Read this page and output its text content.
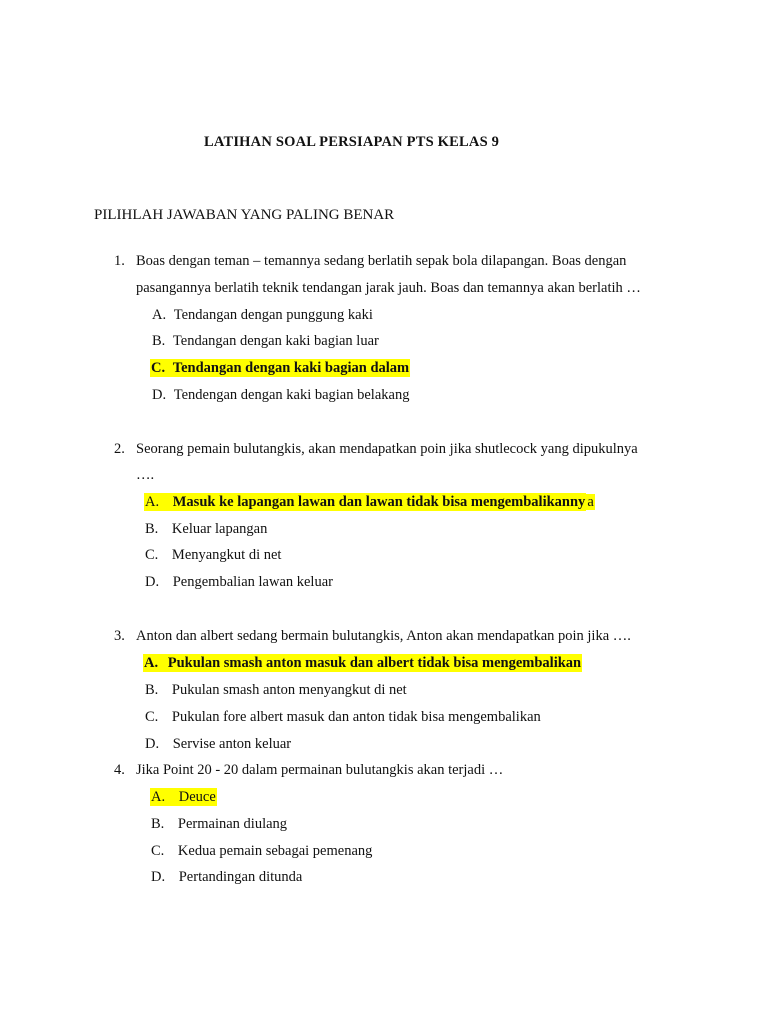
LATIHAN SOAL PERSIAPAN PTS KELAS 9
PILIHLAH JAWABAN YANG PALING BENAR
1. Boas dengan teman – temannya sedang berlatih sepak bola dilapangan. Boas dengan
pasangannya berlatih teknik tendangan jarak jauh. Boas dan temannya akan berlatih …
A. Tendangan dengan punggung kaki
B. Tendangan dengan kaki bagian luar
C. Tendangan dengan kaki bagian dalam
D. Tendengan dengan kaki bagian belakang
2. Seorang pemain bulutangkis, akan mendapatkan poin jika shutlecock yang dipukulnya
….
A. Masuk ke lapangan lawan dan lawan tidak bisa mengembalikanny a
B. Keluar lapangan
C. Menyangkut di net
D. Pengembalian lawan keluar
3. Anton dan albert sedang bermain bulutangkis, Anton akan mendapatkan poin jika ….
A. Pukulan smash anton masuk dan albert tidak bisa mengembalikan
B. Pukulan smash anton menyangkut di net
C. Pukulan fore albert masuk dan anton tidak bisa mengembalikan
D. Servise anton keluar
4. Jika Point 20 - 20 dalam permainan bulutangkis akan terjadi …
A. Deuce
B. Permainan diulang
C. Kedua pemain sebagai pemenang
D. Pertandingan ditunda
